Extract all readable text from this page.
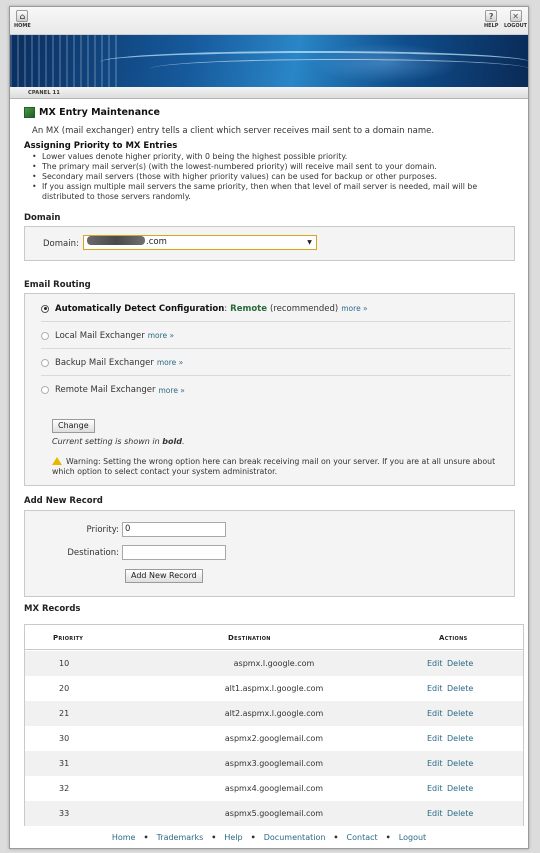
⌂
HOME
?
HELP
✕
LOGOUT
CPANEL 11
MX Entry Maintenance
An MX (mail exchanger) entry tells a client which server receives mail sent to a domain name.
Assigning Priority to MX Entries
• Lower values denote higher priority, with 0 being the highest possible priority.
• The primary mail server(s) (with the lowest-numbered priority) will receive mail sent to your domain.
• Secondary mail servers (those with higher priority values) can be used for backup or other purposes.
• If you assign multiple mail servers the same priority, then when that level of mail server is needed, mail will be distributed to those servers randomly.
Domain
Domain:	.com	▼
Email Routing
Automatically Detect Configuration : Remote (recommended) more »
Local Mail Exchanger more »
Backup Mail Exchanger more »
Remote Mail Exchanger more »
Change
Current setting is shown in bold.
Warning: Setting the wrong option here can break receiving mail on your server. If you are at all unsure about which option to select contact your system administrator.
Add New Record
Priority: 0
Destination:
Add New Record
MX Records
Priority	Destination	Actions
10	aspmx.l.google.com	Edit Delete
20	alt1.aspmx.l.google.com	Edit Delete
21	alt2.aspmx.l.google.com	Edit Delete
30	aspmx2.googlemail.com	Edit Delete
31	aspmx3.googlemail.com	Edit Delete
32	aspmx4.googlemail.com	Edit Delete
33	aspmx5.googlemail.com	Edit Delete
Home • Trademarks • Help • Documentation • Contact • Logout
